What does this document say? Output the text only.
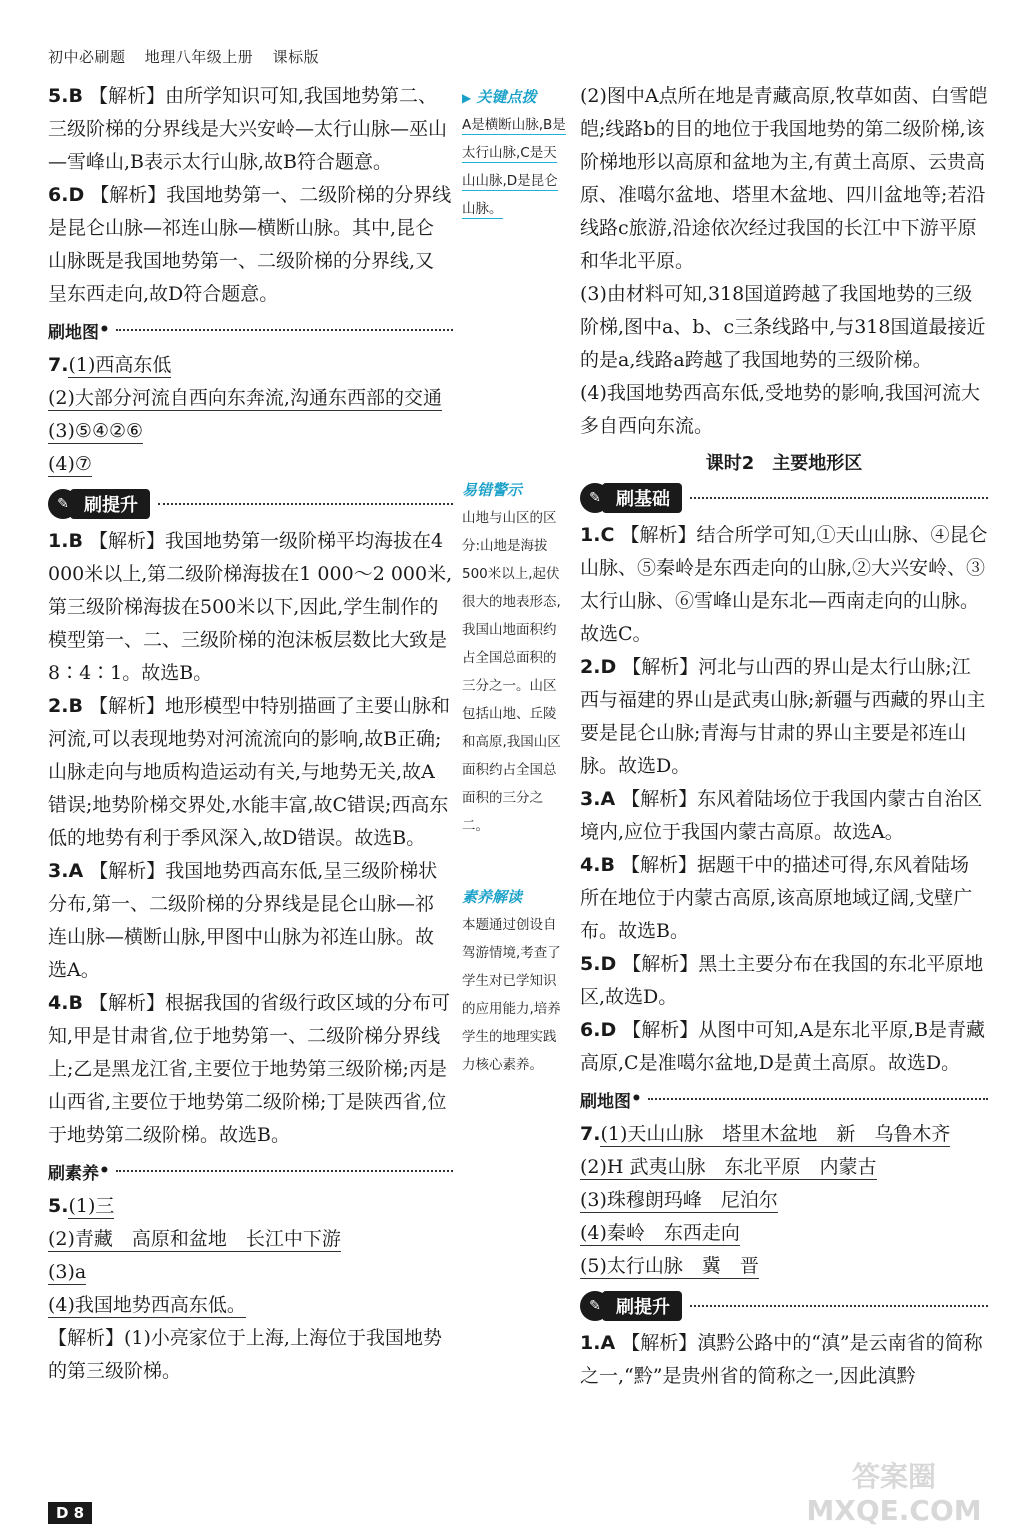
初中必刷题 地理八年级上册 课标版
5.B 【解析】由所学知识可知,我国地势第二、三级阶梯的分界线是大兴安岭—太行山脉—巫山—雪峰山,B表示太行山脉,故B符合题意。
6.D 【解析】我国地势第一、二级阶梯的分界线是昆仑山脉—祁连山脉—横断山脉。其中,昆仑山脉既是我国地势第一、二级阶梯的分界线,又呈东西走向,故D符合题意。
刷地图 •
7.(1)西高东低
(2)大部分河流自西向东奔流,沟通东西部的交通
(3)⑤④②⑥
(4)⑦
✎ 刷提升
1.B 【解析】我国地势第一级阶梯平均海拔在4 000米以上,第二级阶梯海拔在1 000～2 000米,第三级阶梯海拔在500米以下,因此,学生制作的模型第一、二、三级阶梯的泡沫板层数比大致是8∶4∶1。故选B。
2.B 【解析】地形模型中特别描画了主要山脉和河流,可以表现地势对河流流向的影响,故B正确;山脉走向与地质构造运动有关,与地势无关,故A错误;地势阶梯交界处,水能丰富,故C错误;西高东低的地势有利于季风深入,故D错误。故选B。
3.A 【解析】我国地势西高东低,呈三级阶梯状分布,第一、二级阶梯的分界线是昆仑山脉—祁连山脉—横断山脉,甲图中山脉为祁连山脉。故选A。
4.B 【解析】根据我国的省级行政区域的分布可知,甲是甘肃省,位于地势第一、二级阶梯分界线上;乙是黑龙江省,主要位于地势第三级阶梯;丙是山西省,主要位于地势第二级阶梯;丁是陕西省,位于地势第二级阶梯。故选B。
刷素养 •
5.(1)三
(2)青藏　高原和盆地　长江中下游
(3)a
(4)我国地势西高东低。
【解析】(1)小亮家位于上海,上海位于我国地势的第三级阶梯。
▶ 关键点拨
A是横断山脉,B是太行山脉,C是天山山脉,D是昆仑山脉。
易错警示
山地与山区的区分:山地是海拔500米以上,起伏很大的地表形态,我国山地面积约占全国总面积的三分之一。山区包括山地、丘陵和高原,我国山区面积约占全国总面积的三分之二。
素养解读
本题通过创设自驾游情境,考查了学生对已学知识的应用能力,培养学生的地理实践力核心素养。
(2)图中A点所在地是青藏高原,牧草如茵、白雪皑皑;线路b的目的地位于我国地势的第二级阶梯,该阶梯地形以高原和盆地为主,有黄土高原、云贵高原、准噶尔盆地、塔里木盆地、四川盆地等;若沿线路c旅游,沿途依次经过我国的长江中下游平原和华北平原。
(3)由材料可知,318国道跨越了我国地势的三级阶梯,图中a、b、c三条线路中,与318国道最接近的是a,线路a跨越了我国地势的三级阶梯。
(4)我国地势西高东低,受地势的影响,我国河流大多自西向东流。
课时2　主要地形区
✎ 刷基础
1.C 【解析】结合所学可知,①天山山脉、④昆仑山脉、⑤秦岭是东西走向的山脉,②大兴安岭、③太行山脉、⑥雪峰山是东北—西南走向的山脉。故选C。
2.D 【解析】河北与山西的界山是太行山脉;江西与福建的界山是武夷山脉;新疆与西藏的界山主要是昆仑山脉;青海与甘肃的界山主要是祁连山脉。故选D。
3.A 【解析】东风着陆场位于我国内蒙古自治区境内,应位于我国内蒙古高原。故选A。
4.B 【解析】据题干中的描述可得,东风着陆场所在地位于内蒙古高原,该高原地域辽阔,戈壁广布。故选B。
5.D 【解析】黑土主要分布在我国的东北平原地区,故选D。
6.D 【解析】从图中可知,A是东北平原,B是青藏高原,C是准噶尔盆地,D是黄土高原。故选D。
刷地图 •
7.(1)天山山脉　塔里木盆地　新　乌鲁木齐
(2)H 武夷山脉　东北平原　内蒙古
(3)珠穆朗玛峰　尼泊尔
(4)秦岭　东西走向
(5)太行山脉　冀　晋
✎ 刷提升
1.A 【解析】滇黔公路中的“滇”是云南省的简称之一,“黔”是贵州省的简称之一,因此滇黔
D 8
答案圈
MXQE.COM
